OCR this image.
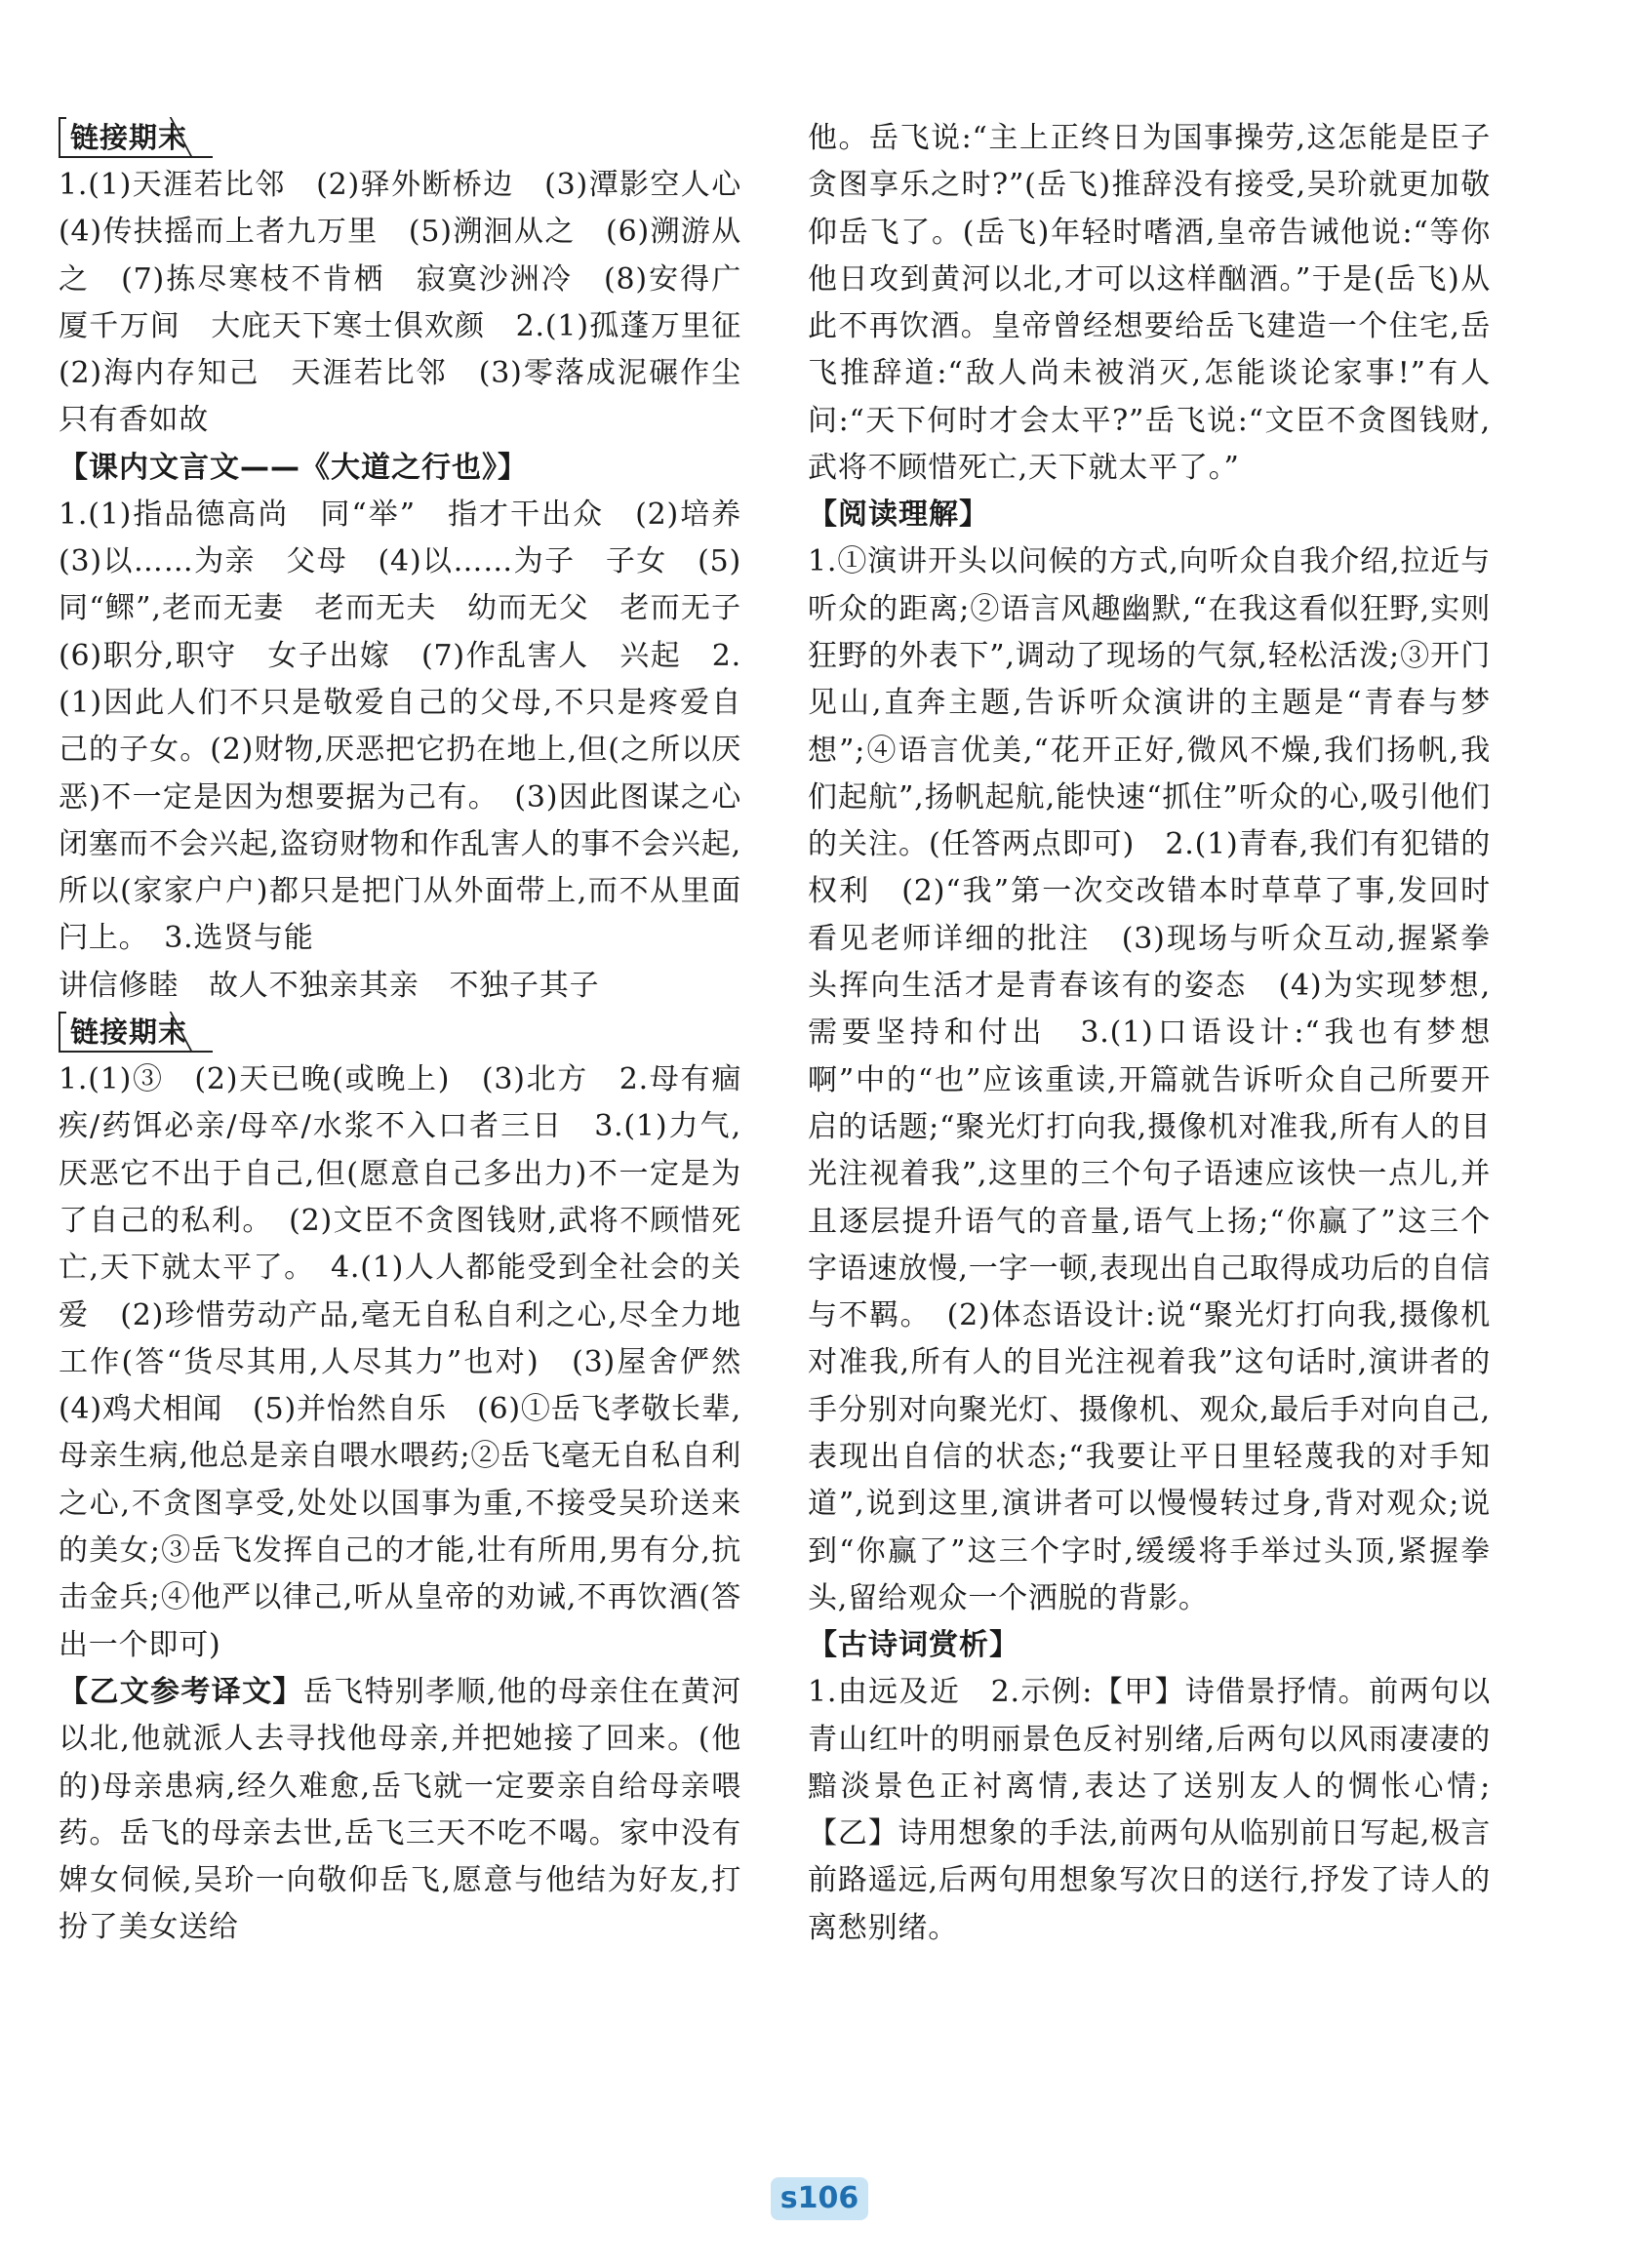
链接期末

1.(1)天涯若比邻　(2)驿外断桥边　(3)潭影空人心　(4)传扶摇而上者九万里　(5)溯洄从之　(6)溯游从之　(7)拣尽寒枝不肯栖　寂寞沙洲冷　(8)安得广厦千万间　大庇天下寒士俱欢颜　2.(1)孤蓬万里征　(2)海内存知己　天涯若比邻　(3)零落成泥碾作尘　只有香如故

【课内文言文——《大道之行也》】

1.(1)指品德高尚　同“举”　指才干出众　(2)培养　(3)以……为亲　父母　(4)以……为子　子女　(5)同“鳏”,老而无妻　老而无夫　幼而无父　老而无子　(6)职分,职守　女子出嫁　(7)作乱害人　兴起　2.(1)因此人们不只是敬爱自己的父母,不只是疼爱自己的子女。(2)财物,厌恶把它扔在地上,但(之所以厌恶)不一定是因为想要据为己有。　(3)因此图谋之心闭塞而不会兴起,盗窃财物和作乱害人的事不会兴起,所以(家家户户)都只是把门从外面带上,而不从里面闩上。　3.选贤与能

讲信修睦　故人不独亲其亲　不独子其子

链接期末

1.(1)③　(2)天已晚(或晚上)　(3)北方　2.母有痼疾/药饵必亲/母卒/水浆不入口者三日　3.(1)力气,厌恶它不出于自己,但(愿意自己多出力)不一定是为了自己的私利。　(2)文臣不贪图钱财,武将不顾惜死亡,天下就太平了。　4.(1)人人都能受到全社会的关爱　(2)珍惜劳动产品,毫无自私自利之心,尽全力地工作(答“货尽其用,人尽其力”也对)　(3)屋舍俨然　(4)鸡犬相闻　(5)并怡然自乐　(6)①岳飞孝敬长辈,母亲生病,他总是亲自喂水喂药;②岳飞毫无自私自利之心,不贪图享受,处处以国事为重,不接受吴玠送来的美女;③岳飞发挥自己的才能,壮有所用,男有分,抗击金兵;④他严以律己,听从皇帝的劝诫,不再饮酒(答出一个即可)

【乙文参考译文】岳飞特别孝顺,他的母亲住在黄河以北,他就派人去寻找他母亲,并把她接了回来。(他的)母亲患病,经久难愈,岳飞就一定要亲自给母亲喂药。岳飞的母亲去世,岳飞三天不吃不喝。家中没有婢女伺候,吴玠一向敬仰岳飞,愿意与他结为好友,打扮了美女送给

他。岳飞说:“主上正终日为国事操劳,这怎能是臣子贪图享乐之时?”(岳飞)推辞没有接受,吴玠就更加敬仰岳飞了。(岳飞)年轻时嗜酒,皇帝告诫他说:“等你他日攻到黄河以北,才可以这样酗酒。”于是(岳飞)从此不再饮酒。皇帝曾经想要给岳飞建造一个住宅,岳飞推辞道:“敌人尚未被消灭,怎能谈论家事!”有人问:“天下何时才会太平?”岳飞说:“文臣不贪图钱财,武将不顾惜死亡,天下就太平了。”

【阅读理解】

1.①演讲开头以问候的方式,向听众自我介绍,拉近与听众的距离;②语言风趣幽默,“在我这看似狂野,实则狂野的外表下”,调动了现场的气氛,轻松活泼;③开门见山,直奔主题,告诉听众演讲的主题是“青春与梦想”;④语言优美,“花开正好,微风不燥,我们扬帆,我们起航”,扬帆起航,能快速“抓住”听众的心,吸引他们的关注。(任答两点即可)　2.(1)青春,我们有犯错的权利　(2)“我”第一次交改错本时草草了事,发回时看见老师详细的批注　(3)现场与听众互动,握紧拳头挥向生活才是青春该有的姿态　(4)为实现梦想,需要坚持和付出　3.(1)口语设计:“我也有梦想啊”中的“也”应该重读,开篇就告诉听众自己所要开启的话题;“聚光灯打向我,摄像机对准我,所有人的目光注视着我”,这里的三个句子语速应该快一点儿,并且逐层提升语气的音量,语气上扬;“你赢了”这三个字语速放慢,一字一顿,表现出自己取得成功后的自信与不羁。　(2)体态语设计:说“聚光灯打向我,摄像机对准我,所有人的目光注视着我”这句话时,演讲者的手分别对向聚光灯、摄像机、观众,最后手对向自己,表现出自信的状态;“我要让平日里轻蔑我的对手知道”,说到这里,演讲者可以慢慢转过身,背对观众;说到“你赢了”这三个字时,缓缓将手举过头顶,紧握拳头,留给观众一个洒脱的背影。

【古诗词赏析】

1.由远及近　2.示例:【甲】诗借景抒情。前两句以青山红叶的明丽景色反衬别绪,后两句以风雨凄凄的黯淡景色正衬离情,表达了送别友人的惆怅心情;【乙】诗用想象的手法,前两句从临别前日写起,极言前路遥远,后两句用想象写次日的送行,抒发了诗人的离愁别绪。

s106
